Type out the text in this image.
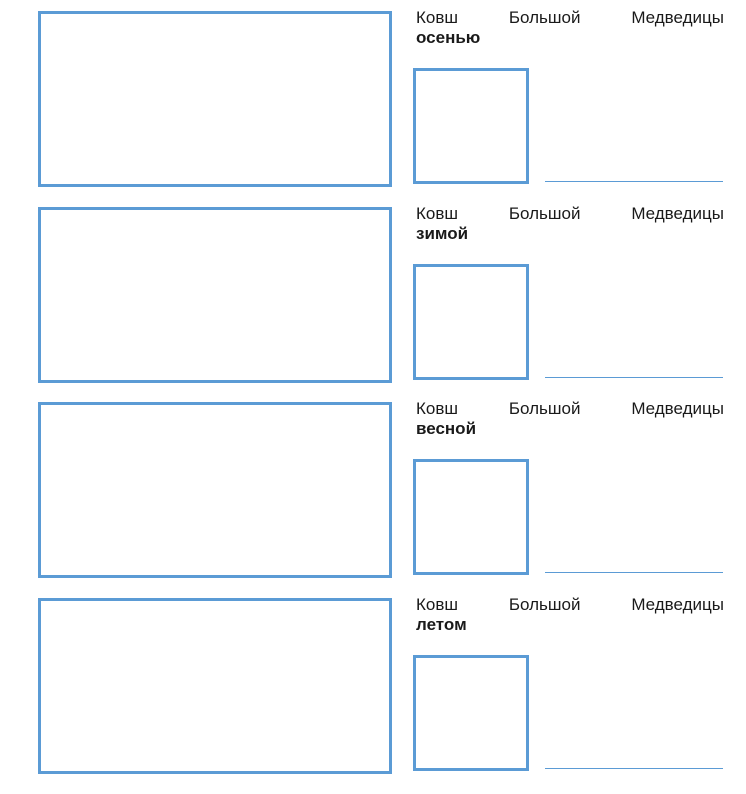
Ковш	Большой	Медведицы
осенью
Ковш	Большой	Медведицы
зимой
Ковш	Большой	Медведицы
весной
Ковш	Большой	Медведицы
летом
